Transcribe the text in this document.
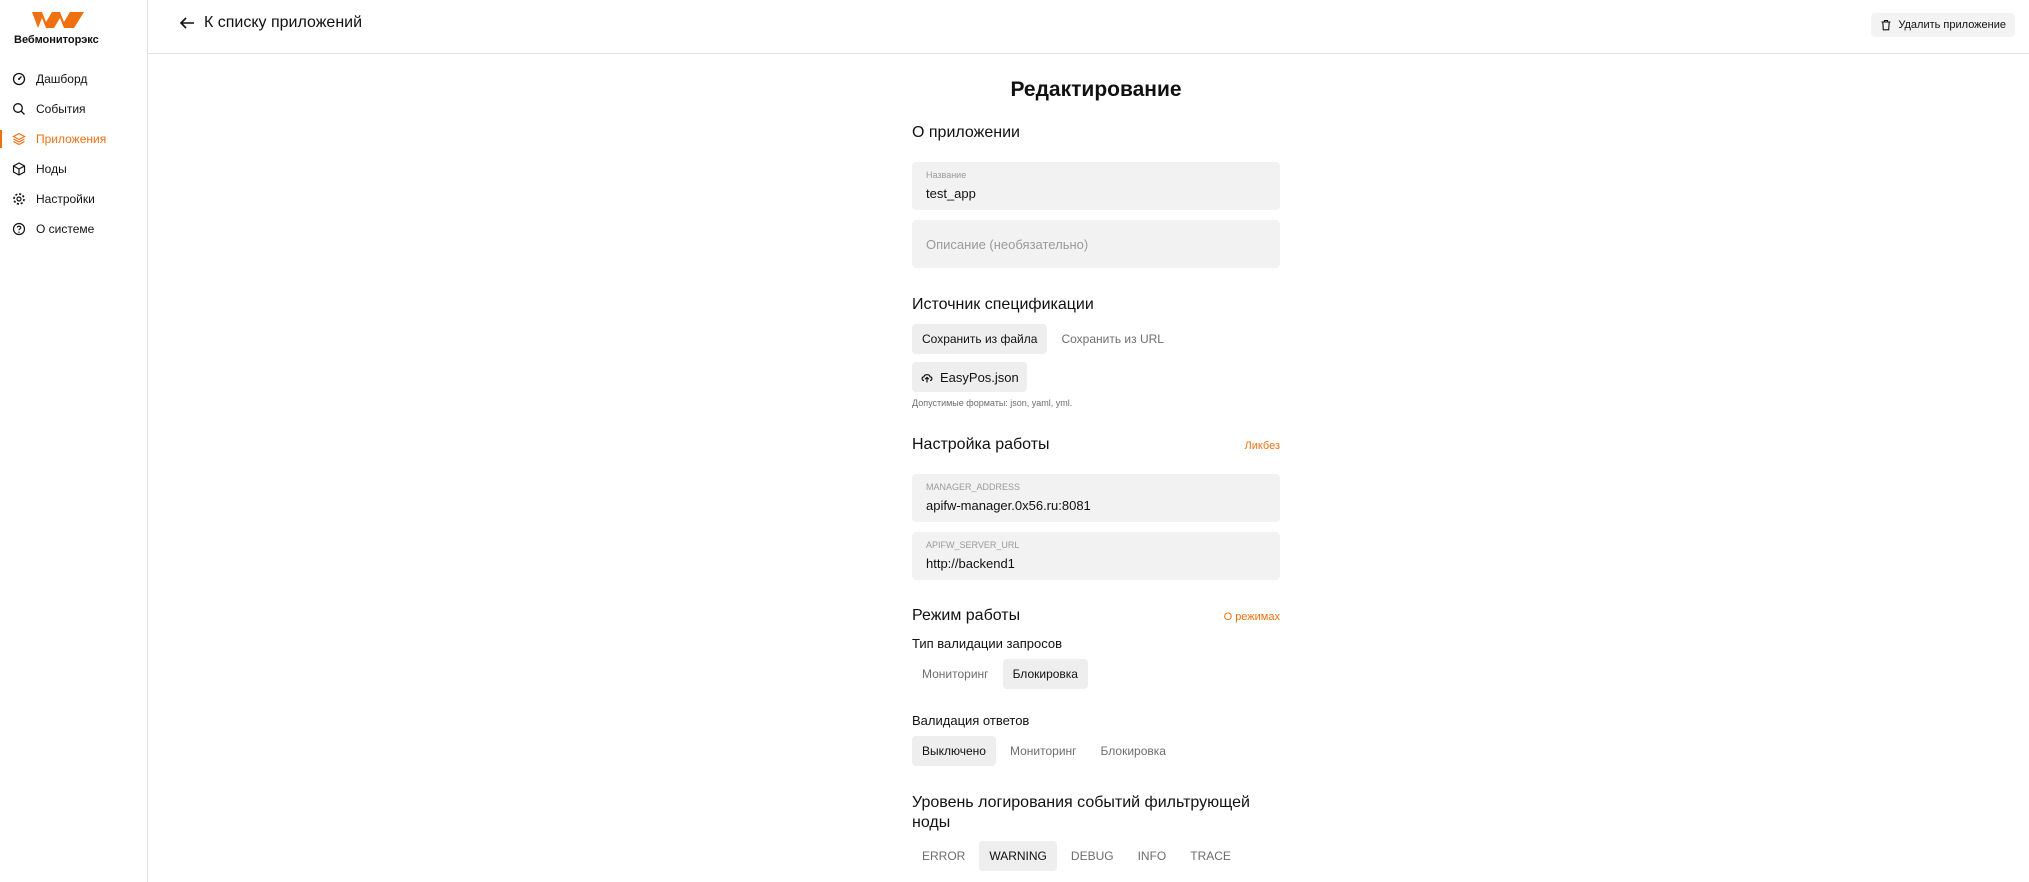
Вебмониторэкс
Дашборд
События
Приложения
Ноды
Настройки
О системе
К списку приложений	Удалить приложение
Редактирование
О приложении
Название
test_app
Описание (необязательно)
Источник спецификации
Сохранить из файла	Сохранить из URL
EasyPos.json
Допустимые форматы: json, yaml, yml.
Настройка работы	Ликбез
MANAGER_ADDRESS
apifw-manager.0x56.ru:8081
APIFW_SERVER_URL
http://backend1
Режим работы	О режимах
Тип валидации запросов
Мониторинг	Блокировка
Валидация ответов
Выключено	Мониторинг	Блокировка
Уровень логирования событий фильтрующей
ноды
ERROR	WARNING	DEBUG	INFO	TRACE
